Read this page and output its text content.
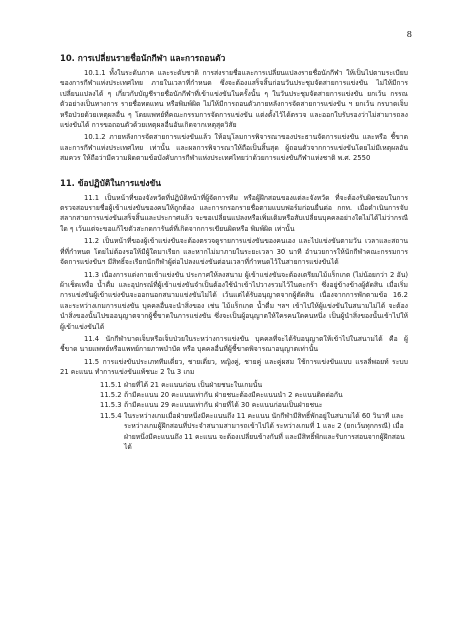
8
10. การเปลี่ยนรายชื่อนักกีฬา และการถอนตัว

10.1.1 ทั้งในระดับภาค และระดับชาติ การส่งรายชื่อและการเปลี่ยนแปลงรายชื่อนักกีฬา ให้เป็นไปตามระเบียบของการกีฬาแห่งประเทศไทย ภายในเวลาที่กำหนด ซึ่งจะต้องแสร็จสิ้นก่อนวันประชุมจัดสายการแข่งขัน ไม่ให้มีการเปลี่ยนแปลงได้ ๆ เกี่ยวกับบัญชีรายชื่อนักกีฬาที่เข้าแข่งขันในครั้งนั้น ๆ ในวันประชุมจัดสายการแข่งขัน ยกเว้น กรรณตัวอย่างเป็นทางการ รายชื่อทดแทน หรือพิมพ์ผิด ไม่ให้มีการถอนตัวภายหลังการจัดสายการแข่งขัน ฯ ยกเว้น กรบาดเจ็บหรือป่วยด้วยเหตุผลอื่น ๆ โดยแพทย์ที่คณะกรรมการจัดการแข่งขัน แต่งตั้งไว้ได้ตรวจ และออกใบรับรองว่าไม่สามารถลงแข่งขันได้ การขอถอนตัวด้วยเหตุผลอื่นอันเกิดจากเหตุสุดวิสัย

10.1.2 ภายหลังการจัดสายการแข่งขันแล้ว ให้อนุโลมการพิจารณาของประธานจัดการแข่งขัน และหรือ ชี้ขาด และการกีฬาแห่งประเทศไทย เท่านั้น และผลการพิจารณาให้ถือเป็นสิ้นสุด ผู้ถอนตัวจากการแข่งขันโดยไม่มีเหตุผลอันสมควร ให้ถือว่ามีความผิดตามข้อบังคับการกีฬาแห่งประเทศไทยว่าด้วยการแข่งขันกีฬาแห่งชาติ พ.ศ. 2550

11. ข้อปฏิบัติในการแข่งขัน

11.1 เป็นหน้าที่ของจังหวัดที่ปฏิบัติหน้าที่ผู้จัดการทีม หรือผู้ฝึกสอนของแต่ละจังหวัด ที่จะต้องรับผิดชอบในการตรวจสอบรายชื่อผู้เข้าแข่งขันของคนให้ถูกต้อง และการกรอกรายชื่อตามแบบฟอร์มก่อนยื่นต่อ กกท. เมื่อดำเนินการจับสลากสายการแข่งขันเสร็จสิ้นและประกาศแล้ว จะขอเปลี่ยนแปลงหรือเพิ่มเติมหรือสับเปลี่ยนบุคคลอย่างใดไม่ได้ไม่ว่ากรณีใด ๆ เว้นแต่จะขอแก้ไขตัวสะกดการันต์ที่เกิดจากการเขียนผิดหรือ พิมพ์ผิด เท่านั้น

11.2 เป็นหน้าที่ของผู้เข้าแข่งขันจะต้องตรวจดูรายการแข่งขันของคนเอง และไปแข่งขันตามวัน เวลาและสถานที่ที่กำหนด โดยไม่ต้องรอให้มีผู้ใดมาเรียก และหากไม่มาภายในระยะเวลา 30 นาที อำนวยการให้นักกีฬาคณะกรรมการจัดการแข่งขันฯ มีสิทธิ์จะเรียกนักกีฬาผู้ต่อไปลงแข่งขันต่อนเวลาที่กำหนดไว้ในสายการแข่งขันได้

11.3 เนื่องการแต่งกายเข้าแข่งขัน ประกาศให้ลงสนาม ผู้เข้าแข่งขันจะต้องเตรียมไม้แร็กเกต (ไม่น้อยกว่า 2 อัน) ผ้าเช็ดเหงื่อ น้ำดื่ม และอุปกรณ์ที่ผู้เข้าแข่งขันจำเป็นต้องใช้นำเข้าไปวางรวมไว้ในตะกร้า ซึ่งอยู่ข้างข้างผู้ตัดสิน เมื่อเริ่มการแข่งขันผู้เข้าแข่งขันจะออกนอกสนามแข่งขันไม่ได้ เว้นแต่ได้รับอนุญาตจากผู้ตัดสิน เนื่องจากการพักตามข้อ 16.2 และระหว่างเกมการแข่งขัน บุคคลอื่นจะนำสิ่งของ เช่น ไม้แร็กเกต น้ำดื่ม ฯลฯ เข้าไปให้ผู้แข่งขันในสนามไม่ได้ จะต้องนำสิ่งของนั้นไปขออนุญาตจากผู้ชี้ขาดในการแข่งขัน ซึ่งจะเป็นผู้อนุญาตให้ใครคนใดคนหนึ่ง เป็นผู้นำสิ่งของนั้นเข้าไปให้ผู้เข้าแข่งขันได้

11.4 นักกีฬาบาดเจ็บหรือเจ็บป่วยในระหว่างการแข่งขัน บุคคลที่จะได้รับอนุญาตให้เข้าไปในสนามได้ คือ ผู้ชี้ขาด นายแพทย์หรือแพทย์กายภาพบำบัด หรือ บุคคลอื่นที่ผู้ชี้ขาดพิจารณาอนุญาตเท่านั้น

11.5 การแข่งขันประเภททีมเดี่ยว, ชายเดี่ยว, หญิงคู่, ชายคู่ และคู่ผสม ใช้การแข่งขันแบบ แรลลี่พอยท์ ระบบ 21 คะแนน ทำการแข่งขันแพ้ชนะ 2 ใน 3 เกม

11.5.1 ฝ่ายที่ได้ 21 คะแนนก่อน เป็นฝ่ายชนะในเกมนั้น
11.5.2 ถ้ามีคะแนน 20 คะแนนเท่ากัน ฝ่ายชนะต้องมีคะแนนนำ 2 คะแนนติดต่อกัน
11.5.3 ถ้ามีคะแนน 29 คะแนนเท่ากัน ฝ่ายที่ได้ 30 คะแนนก่อนเป็นฝ่ายชนะ
11.5.4 ในระหว่างเกมเมื่อฝ่ายหนึ่งมีคะแนนถึง 11 คะแนน นักกีฬามีสิทธิ์พักอยู่ในสนามได้ 60 วินาที และระหว่างเกมผู้ฝึกสอนที่ประจำสนามสามารถเข้าไปได้ ระหว่างเกมที่ 1 และ 2 (ยกเว้นทุกกรณี) เมื่อฝ่ายหนึ่งมีคะแนนถึง 11 คะแนน จะต้องเปลี่ยนข้างกันที่ และมีสิทธิ์พักและรับการสอนจากผู้ฝึกสอนได้
